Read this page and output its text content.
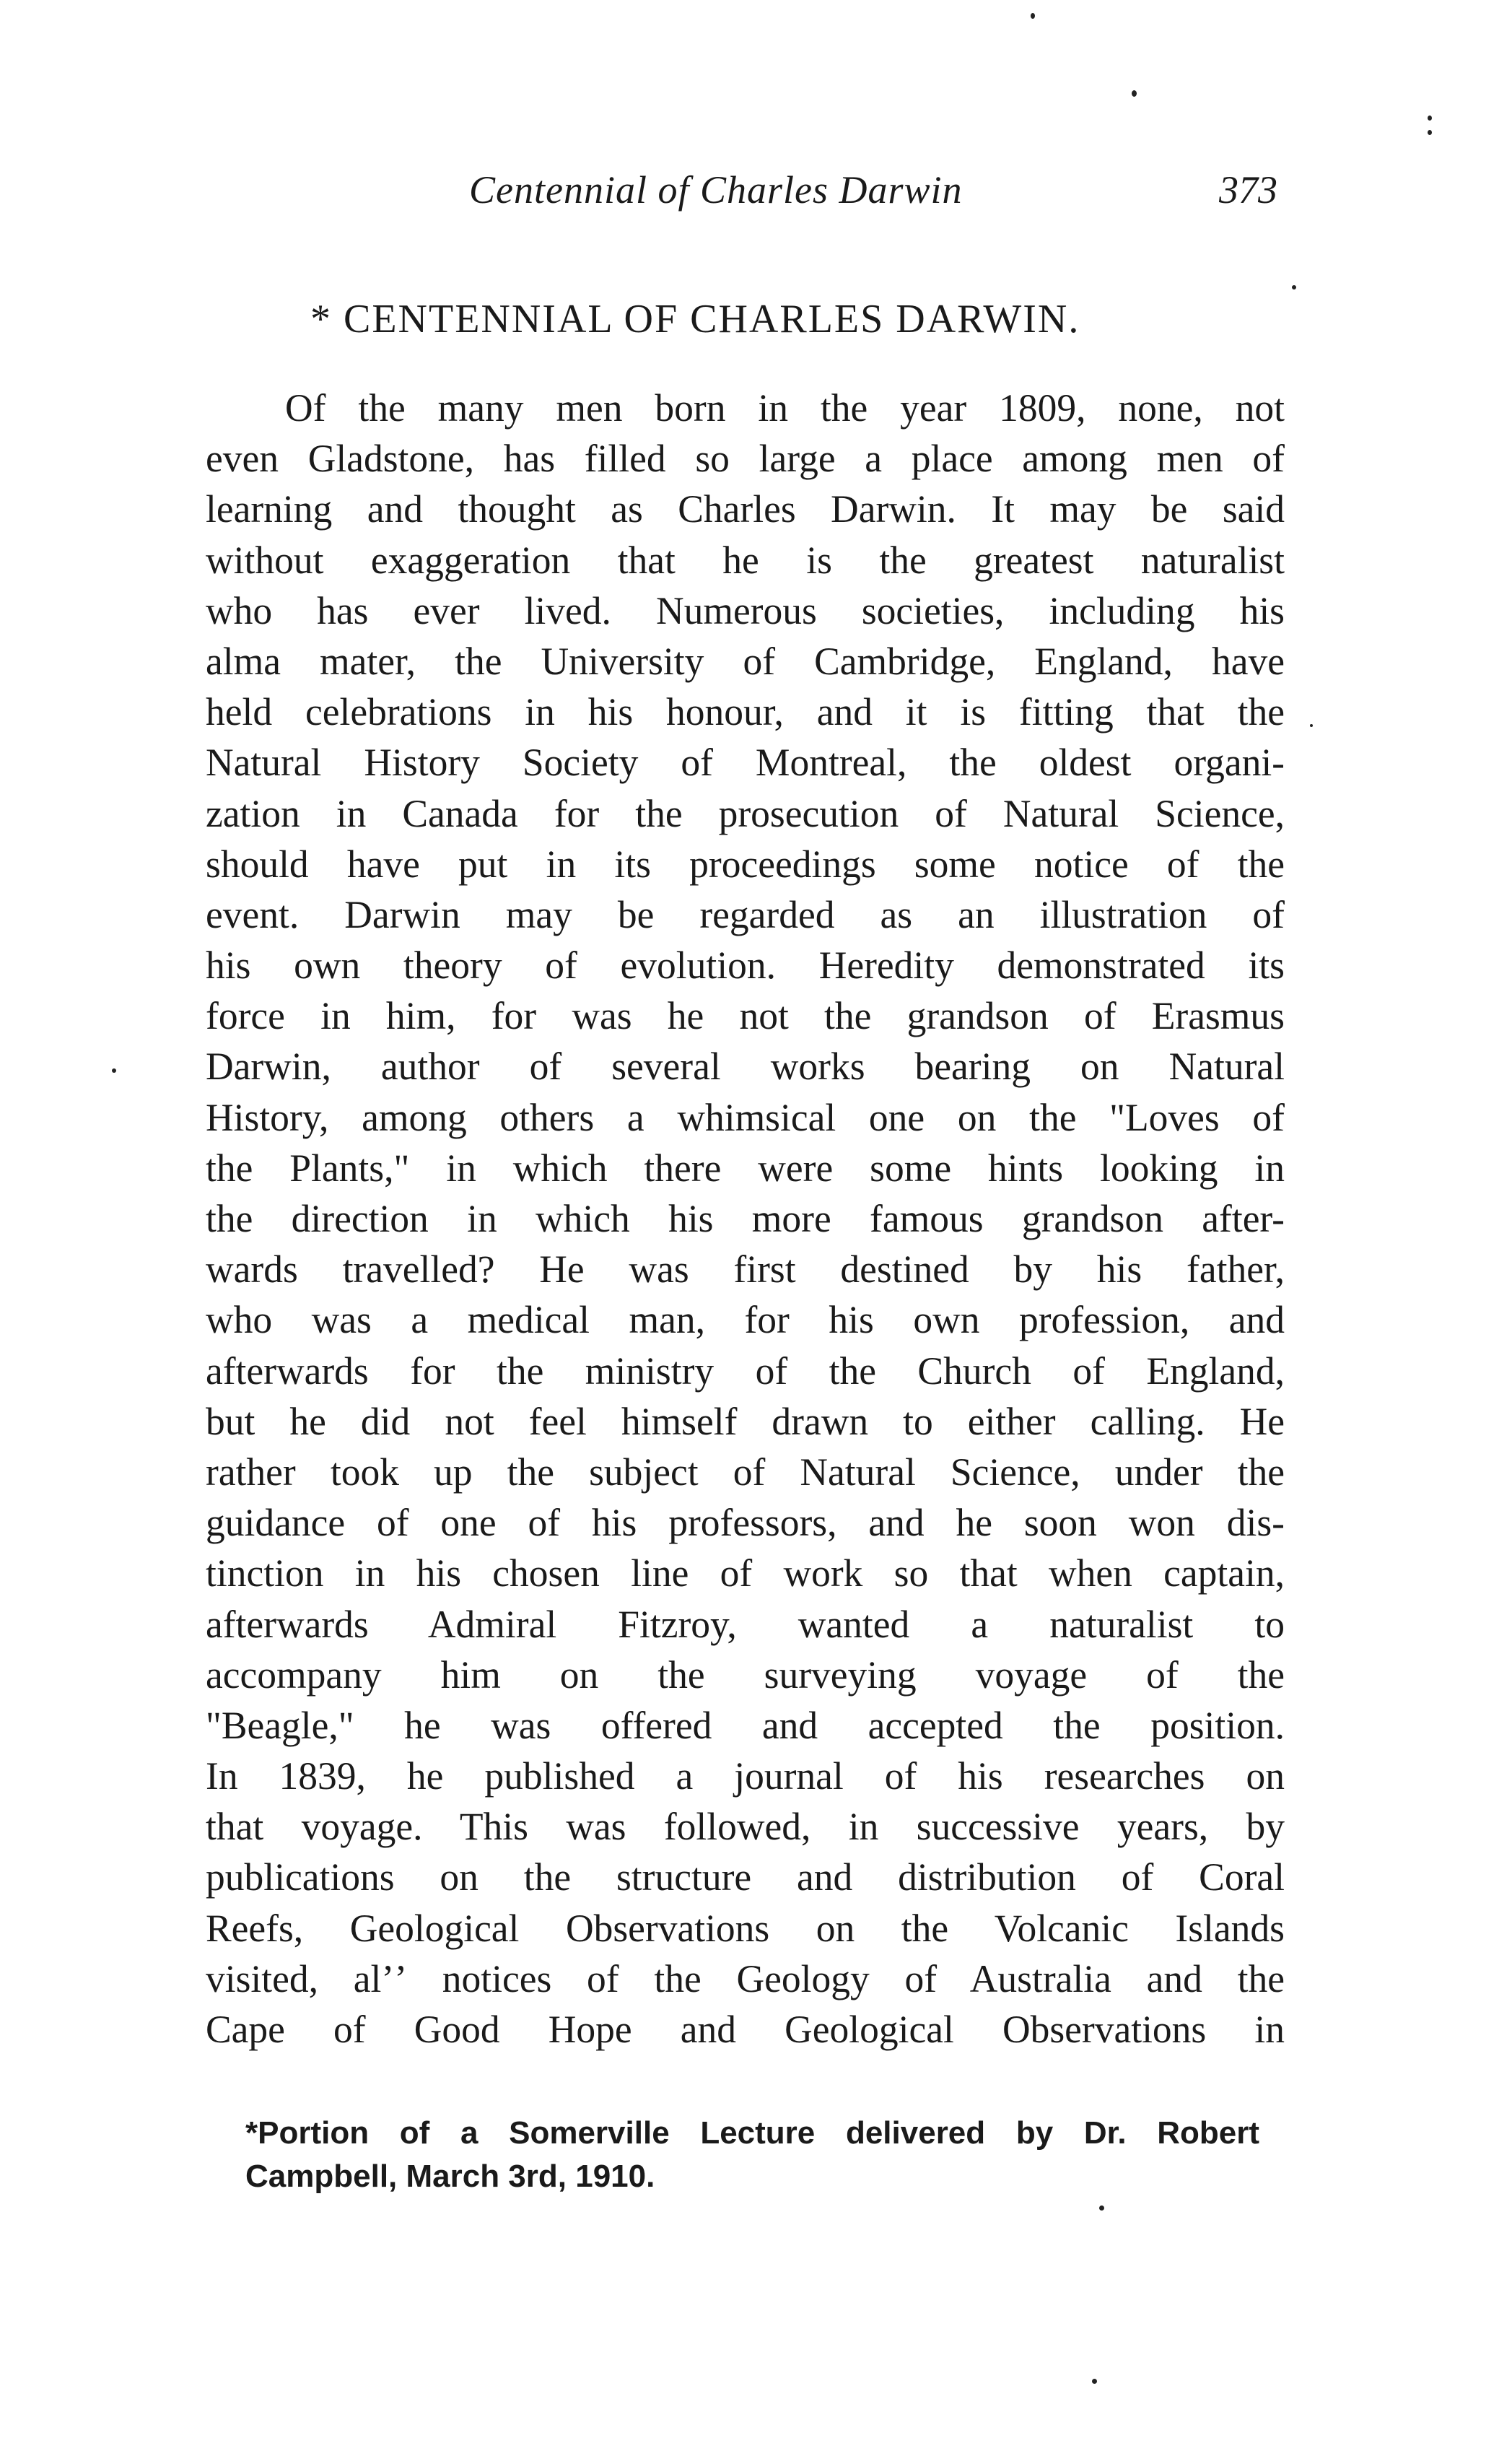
Centennial of Charles Darwin	373
* CENTENNIAL OF CHARLES DARWIN.
Of the many men born in the year 1809, none, not
even Gladstone, has filled so large a place among men of
learning and thought as Charles Darwin. It may be said
without exaggeration that he is the greatest naturalist
who has ever lived. Numerous societies, including his
alma mater, the University of Cambridge, England, have
held celebrations in his honour, and it is fitting that the
Natural History Society of Montreal, the oldest organi-
zation in Canada for the prosecution of Natural Science,
should have put in its proceedings some notice of the
event. Darwin may be regarded as an illustration of
his own theory of evolution. Heredity demonstrated its
force in him, for was he not the grandson of Erasmus
Darwin, author of several works bearing on Natural
History, among others a whimsical one on the "Loves of
the Plants," in which there were some hints looking in
the direction in which his more famous grandson after-
wards travelled? He was first destined by his father,
who was a medical man, for his own profession, and
afterwards for the ministry of the Church of England,
but he did not feel himself drawn to either calling. He
rather took up the subject of Natural Science, under the
guidance of one of his professors, and he soon won dis-
tinction in his chosen line of work so that when captain,
afterwards Admiral Fitzroy, wanted a naturalist to
accompany him on the surveying voyage of the
"Beagle," he was offered and accepted the position.
In 1839, he published a journal of his researches on
that voyage. This was followed, in successive years, by
publications on the structure and distribution of Coral
Reefs, Geological Observations on the Volcanic Islands
visited, alʼʼ notices of the Geology of Australia and the
Cape of Good Hope and Geological Observations in
*Portion of a Somerville Lecture delivered by Dr. Robert
Campbell, March 3rd, 1910.
